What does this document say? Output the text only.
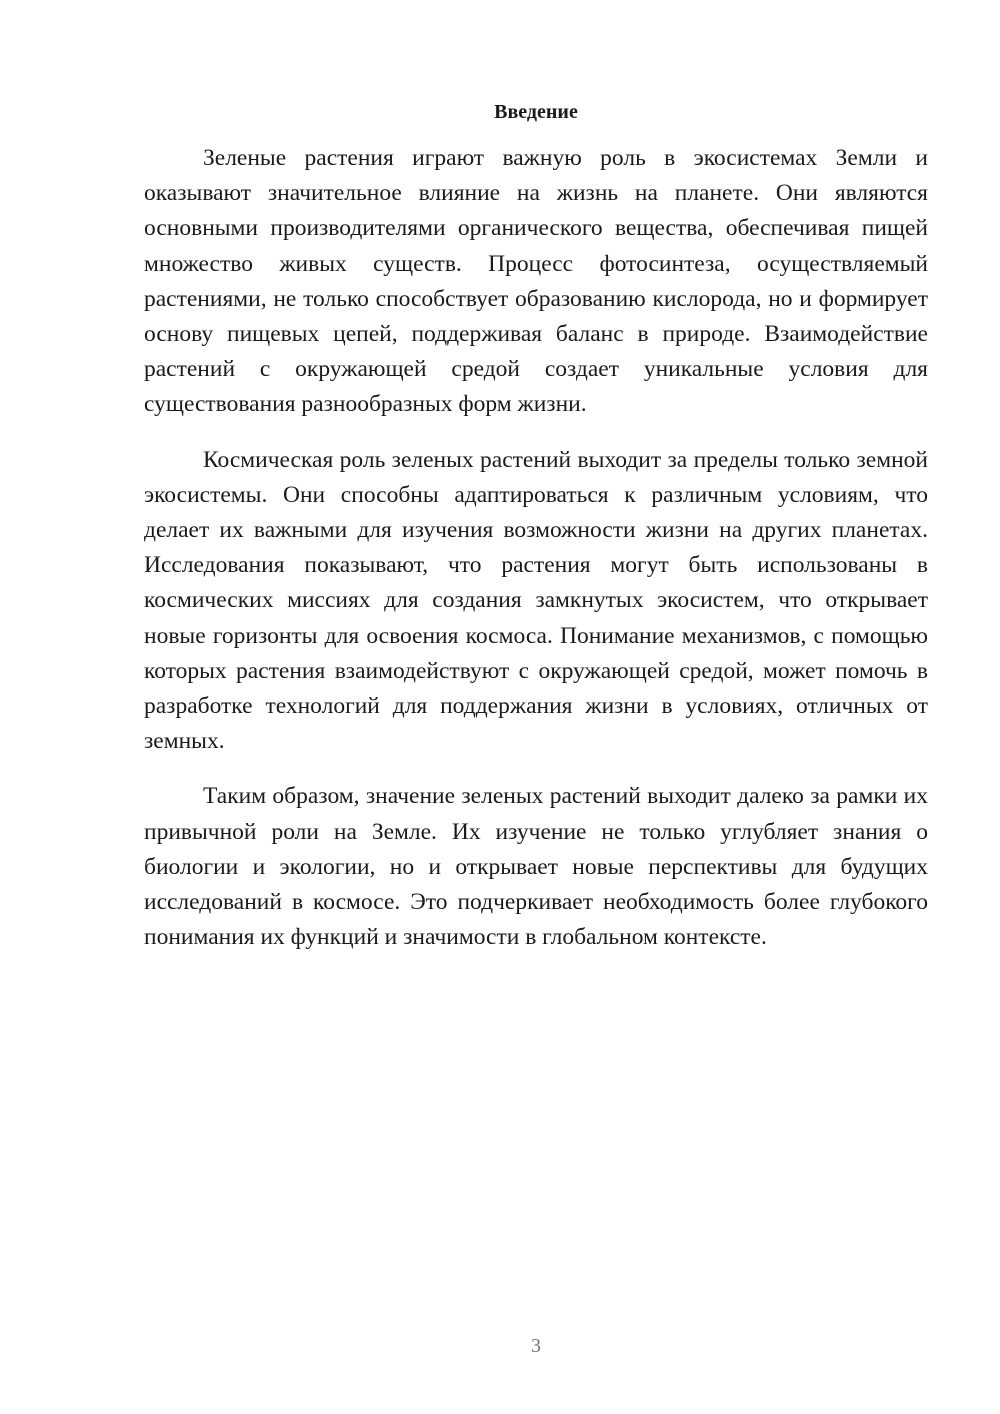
Введение

Зеленые растения играют важную роль в экосистемах Земли и оказывают значительное влияние на жизнь на планете. Они являются основными производителями органического вещества, обеспечивая пищей множество живых существ. Процесс фотосинтеза, осуществляемый растениями, не только способствует образованию кислорода, но и формирует основу пищевых цепей, поддерживая баланс в природе. Взаимодействие растений с окружающей средой создает уникальные условия для существования разнообразных форм жизни.

Космическая роль зеленых растений выходит за пределы только земной экосистемы. Они способны адаптироваться к различным условиям, что делает их важными для изучения возможности жизни на других планетах. Исследования показывают, что растения могут быть использованы в космических миссиях для создания замкнутых экосистем, что открывает новые горизонты для освоения космоса. Понимание механизмов, с помощью которых растения взаимодействуют с окружающей средой, может помочь в разработке технологий для поддержания жизни в условиях, отличных от земных.

Таким образом, значение зеленых растений выходит далеко за рамки их привычной роли на Земле. Их изучение не только углубляет знания о биологии и экологии, но и открывает новые перспективы для будущих исследований в космосе. Это подчеркивает необходимость более глубокого понимания их функций и значимости в глобальном контексте.

3
